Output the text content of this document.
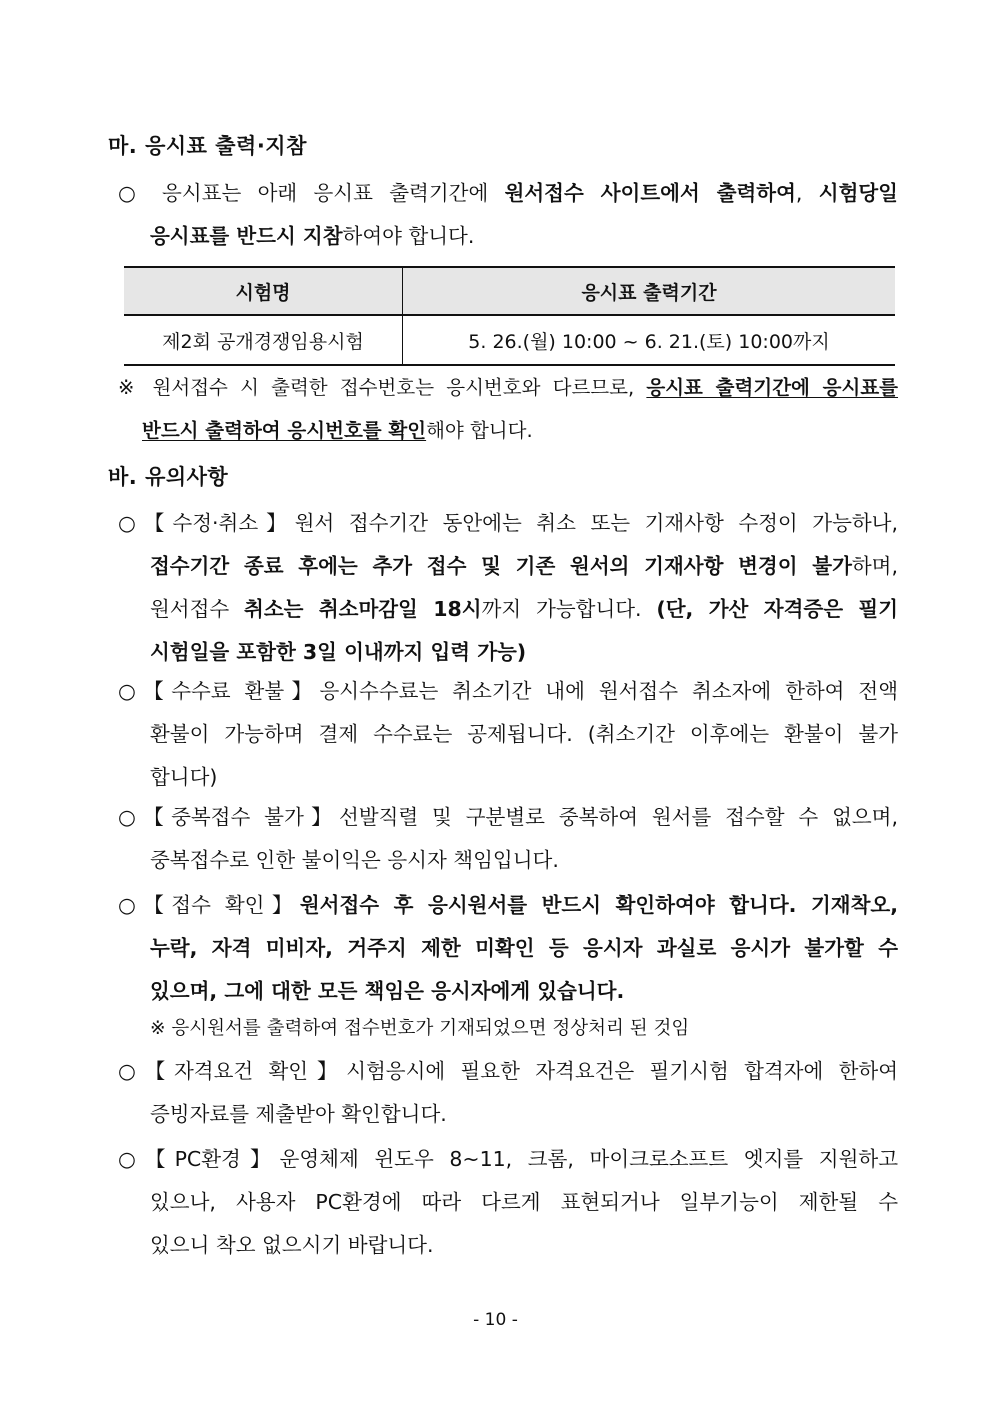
마. 응시표 출력·지참
○ 응시표는 아래 응시표 출력기간에 원서접수 사이트에서 출력하여, 시험당일
응시표를 반드시 지참하여야 합니다.
시험명	응시표 출력기간
제2회 공개경쟁임용시험	5. 26.(월) 10:00 ~ 6. 21.(토) 10:00까지
※ 원서접수 시 출력한 접수번호는 응시번호와 다르므로, 응시표 출력기간에 응시표를
반드시 출력하여 응시번호를 확인해야 합니다.
바. 유의사항
○【수정·취소】원서 접수기간 동안에는 취소 또는 기재사항 수정이 가능하나,
접수기간 종료 후에는 추가 접수 및 기존 원서의 기재사항 변경이 불가하며,
원서접수 취소는 취소마감일 18시까지 가능합니다. (단, 가산 자격증은 필기
시험일을 포함한 3일 이내까지 입력 가능)
○【수수료 환불】응시수수료는 취소기간 내에 원서접수 취소자에 한하여 전액
환불이 가능하며 결제 수수료는 공제됩니다. (취소기간 이후에는 환불이 불가
합니다)
○【중복접수 불가】선발직렬 및 구분별로 중복하여 원서를 접수할 수 없으며,
중복접수로 인한 불이익은 응시자 책임입니다.
○【접수 확인】원서접수 후 응시원서를 반드시 확인하여야 합니다. 기재착오,
누락, 자격 미비자, 거주지 제한 미확인 등 응시자 과실로 응시가 불가할 수
있으며, 그에 대한 모든 책임은 응시자에게 있습니다.
※ 응시원서를 출력하여 접수번호가 기재되었으면 정상처리 된 것임
○【자격요건 확인】시험응시에 필요한 자격요건은 필기시험 합격자에 한하여
증빙자료를 제출받아 확인합니다.
○【PC환경】운영체제 윈도우 8~11, 크롬, 마이크로소프트 엣지를 지원하고
있으나, 사용자 PC환경에 따라 다르게 표현되거나 일부기능이 제한될 수
있으니 착오 없으시기 바랍니다.
- 10 -
